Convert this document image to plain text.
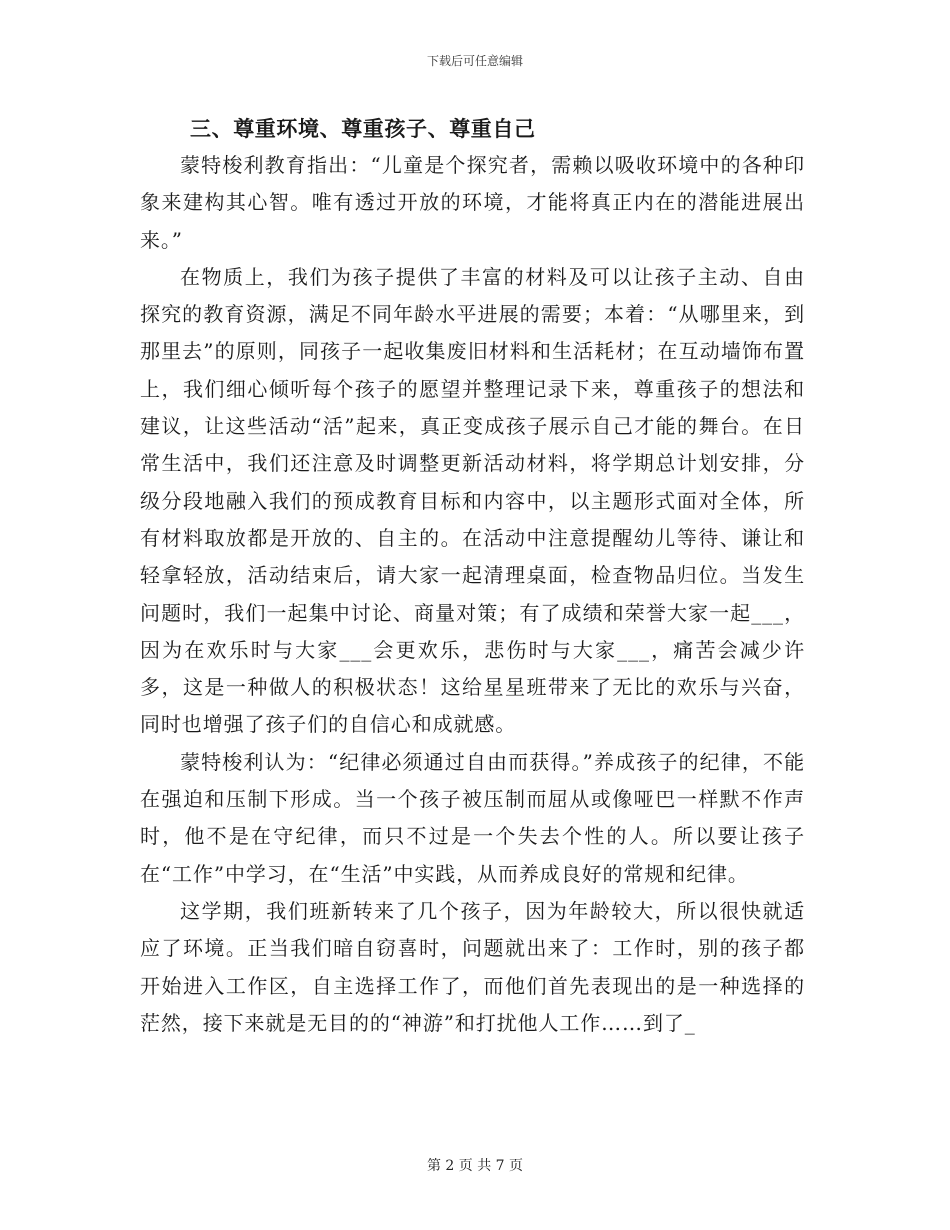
下载后可任意编辑
三、尊重环境、尊重孩子、尊重自己

蒙特梭利教育指出：“儿童是个探究者，需赖以吸收环境中的各种印象来建构其心智。唯有透过开放的环境，才能将真正内在的潜能进展出来。”

在物质上，我们为孩子提供了丰富的材料及可以让孩子主动、自由探究的教育资源，满足不同年龄水平进展的需要；本着：“从哪里来，到那里去”的原则，同孩子一起收集废旧材料和生活耗材；在互动墙饰布置上，我们细心倾听每个孩子的愿望并整理记录下来，尊重孩子的想法和建议，让这些活动“活”起来，真正变成孩子展示自己才能的舞台。在日常生活中，我们还注意及时调整更新活动材料，将学期总计划安排，分级分段地融入我们的预成教育目标和内容中，以主题形式面对全体，所有材料取放都是开放的、自主的。在活动中注意提醒幼儿等待、谦让和轻拿轻放，活动结束后，请大家一起清理桌面，检查物品归位。当发生问题时，我们一起集中讨论、商量对策；有了成绩和荣誉大家一起___，因为在欢乐时与大家___会更欢乐，悲伤时与大家___，痛苦会减少许多，这是一种做人的积极状态！这给星星班带来了无比的欢乐与兴奋，同时也增强了孩子们的自信心和成就感。

蒙特梭利认为：“纪律必须通过自由而获得。”养成孩子的纪律，不能在强迫和压制下形成。当一个孩子被压制而屈从或像哑巴一样默不作声时，他不是在守纪律，而只不过是一个失去个性的人。所以要让孩子在“工作”中学习，在“生活”中实践，从而养成良好的常规和纪律。

这学期，我们班新转来了几个孩子，因为年龄较大，所以很快就适应了环境。正当我们暗自窃喜时，问题就出来了：工作时，别的孩子都开始进入工作区，自主选择工作了，而他们首先表现出的是一种选择的茫然，接下来就是无目的的“神游”和打扰他人工作……到了_

第 2 页 共 7 页
